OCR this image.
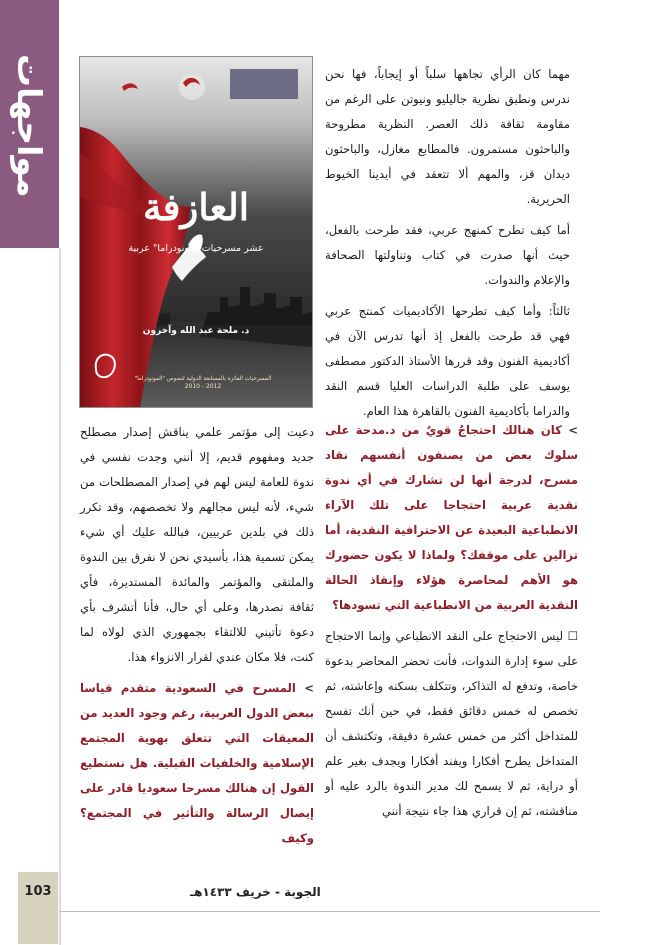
مواجهات	مهما كان الرأي تجاهها سلباً أو إيجاباً، فها نحن ندرس ونطبق نظرية جاليليو ونيوتن على الرغم من مقاومة ثقافة ذلك العصر. النظرية مطروحة والباحثون مستمرون. فالمطابع مغازل، والباحثون ديدان قز، والمهم ألا تتعقد في أيدينا الخيوط الحريرية.

أما كيف تطرح كمنهج عربي، فقد طرحت بالفعل، حيث أنها صدرت في كتاب وتناولتها الصحافة والإعلام والندوات.

ثالثاً: وأما كيف تطرحها الأكاديميات كمنتج عربي فهي قد طرحت بالفعل إذ أنها تدرس الآن في أكاديمية الفنون وقد قررها الأستاذ الدكتور مصطفى يوسف على طلبة الدراسات العليا قسم النقد والدراما بأكاديمية الفنون بالقاهرة هذا العام.

> كان هنالك احتجاجٌ قويٌ من د.مدحة على سلوك بعض من يصنفون أنفسهم نقاد مسرح، لدرجة أنها لن تشارك في أي ندوة نقدية عربية احتجاجا على تلك الآراء الانطباعية البعيدة عن الاحترافية النقدية، أما تزالين على موقفك؟ ولماذا لا يكون حضورك هو الأهم لمحاصرة هؤلاء وإنقاذ الحالة النقدية العربية من الانطباعية التي تسودها؟

☐ ليس الاحتجاج على النقد الانطباعي وإنما الاحتجاج على سوء إدارة الندوات، فأنت تحضر المحاضر بدعوة خاصة، وتدفع له التذاكر، وتتكلف بسكنه وإعاشته، ثم تخصص له خمس دقائق فقط، في حين أنك تفسح للمتداخل أكثر من خمس عشرة دقيقة، وتكتشف أن المتداخل يطرح أفكارا ويفند أفكارا ويجدف بغير علم أو دراية، ثم لا يسمح لك مدير الندوة بالرد عليه أو مناقشته، ثم إن قراري هذا جاء نتيجة أنني

دعيت إلى مؤتمر علمي يناقش إصدار مصطلح جديد ومفهوم قديم، إلا أنني وجدت نفسي في ندوة للعامة ليس لهم في إصدار المصطلحات من شيء، لأنه ليس مجالهم ولا تخصصهم، وقد تكرر ذلك في بلدين عربيين، فبالله عليك أي شيء يمكن تسمية هذا، بأسيدي نحن لا نفرق بين الندوة والملتقى والمؤتمر والمائدة المستديرة، فأي ثقافة نصدرها، وعلى أي حال، فأنا أتشرف بأي دعوة تأتيني للالتقاء بجمهوري الذي لولاه لما كنت، فلا مكان عندي لقرار الانزواء هذا.

> المسرح في السعودية متقدم قياسا ببعض الدول العربية، رغم وجود العديد من المعيقات التي تتعلق بهوية المجتمع الإسلامية والخلفيات القبلية. هل نستطيع القول إن هنالك مسرحا سعوديا قادر على إيصال الرسالة والتأثير في المجتمع؟ وكيف

العازفة
عشر مسرحيات "مونودراما" عربية
د. ملحة عبد الله وآخرون
المسرحيات الفائزة بالمسابقة الدولية لنصوص "المونودراما"
2010 - 2012
103	الجوبة - خريف ١٤٣٣هـ
